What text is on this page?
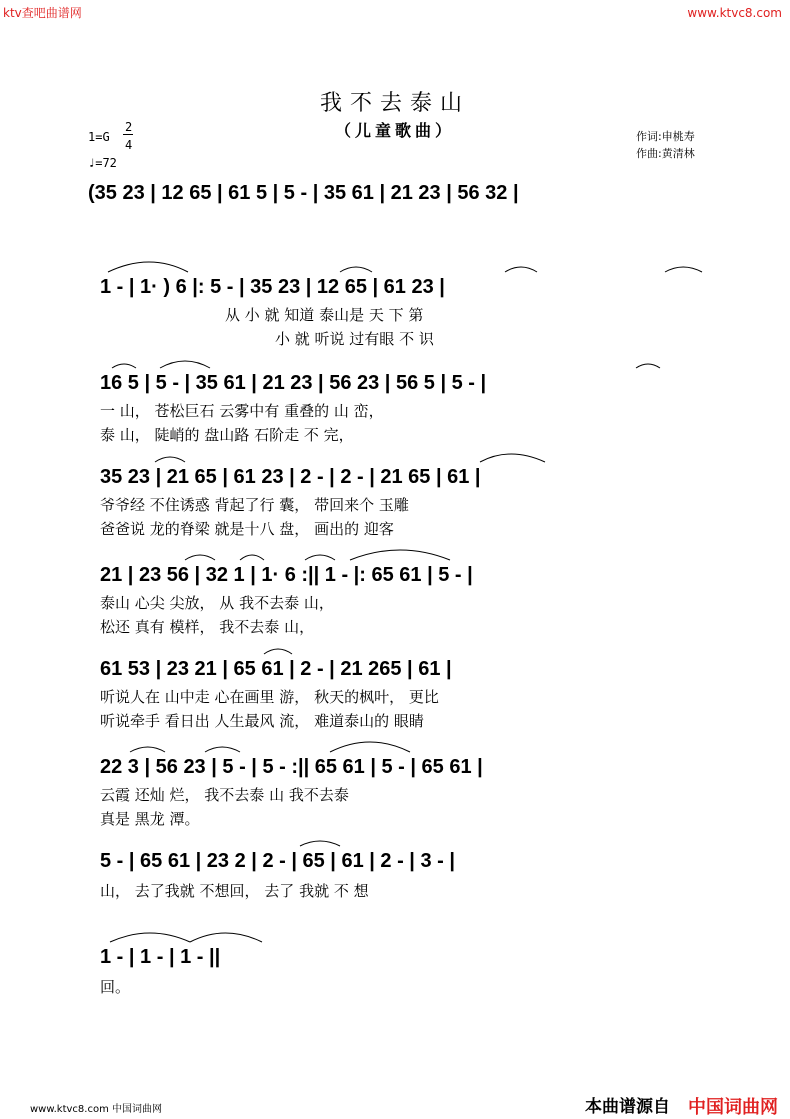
ktv查吧曲谱网	www.ktvc8.com
我不去泰山
（儿童歌曲）
1=G
2
4
♩=72
作词:申桃寿
作曲:黄清林
(35 23 | 12 65 | 61 5 | 5 - | 35 61 | 21 23 | 56 32 |
1 - | 1· ) 6 |: 5 - | 35 23 | 12 65 | 61 23 |
从 小 就 知道 泰山是 天 下 第
小 就 听说 过有眼 不 识
16 5 | 5 - | 35 61 | 21 23 | 56 23 | 56 5 | 5 - |
一 山， 苍松巨石 云雾中有 重叠的 山 峦，
泰 山， 陡峭的 盘山路 石阶走 不 完，
35 23 | 21 65 | 61 23 | 2 - | 2 - | 21 65 | 61 |
爷爷经 不住诱惑 背起了行 囊， 带回来个 玉雕
爸爸说 龙的脊梁 就是十八 盘， 画出的 迎客
21 | 23 56 | 32 1 | 1· 6 :|| 1 - |: 65 61 | 5 - |
泰山 心尖 尖放， 从 我不去泰 山，
松还 真有 模样， 我不去泰 山，
61 53 | 23 21 | 65 61 | 2 - | 21 265 | 61 |
听说人在 山中走 心在画里 游， 秋天的枫叶， 更比
听说牵手 看日出 人生最风 流， 难道泰山的 眼睛
22 3 | 56 23 | 5 - | 5 - :|| 65 61 | 5 - | 65 61 |
云霞 还灿 烂， 我不去泰 山 我不去泰
真是 黑龙 潭。
5 - | 65 61 | 23 2 | 2 - | 65 | 61 | 2 - | 3 - |
山， 去了我就 不想回， 去了 我就 不 想
1 - | 1 - | 1 - ||
回。
www.ktvc8.com 中国词曲网	本曲谱源自 中国词曲网
